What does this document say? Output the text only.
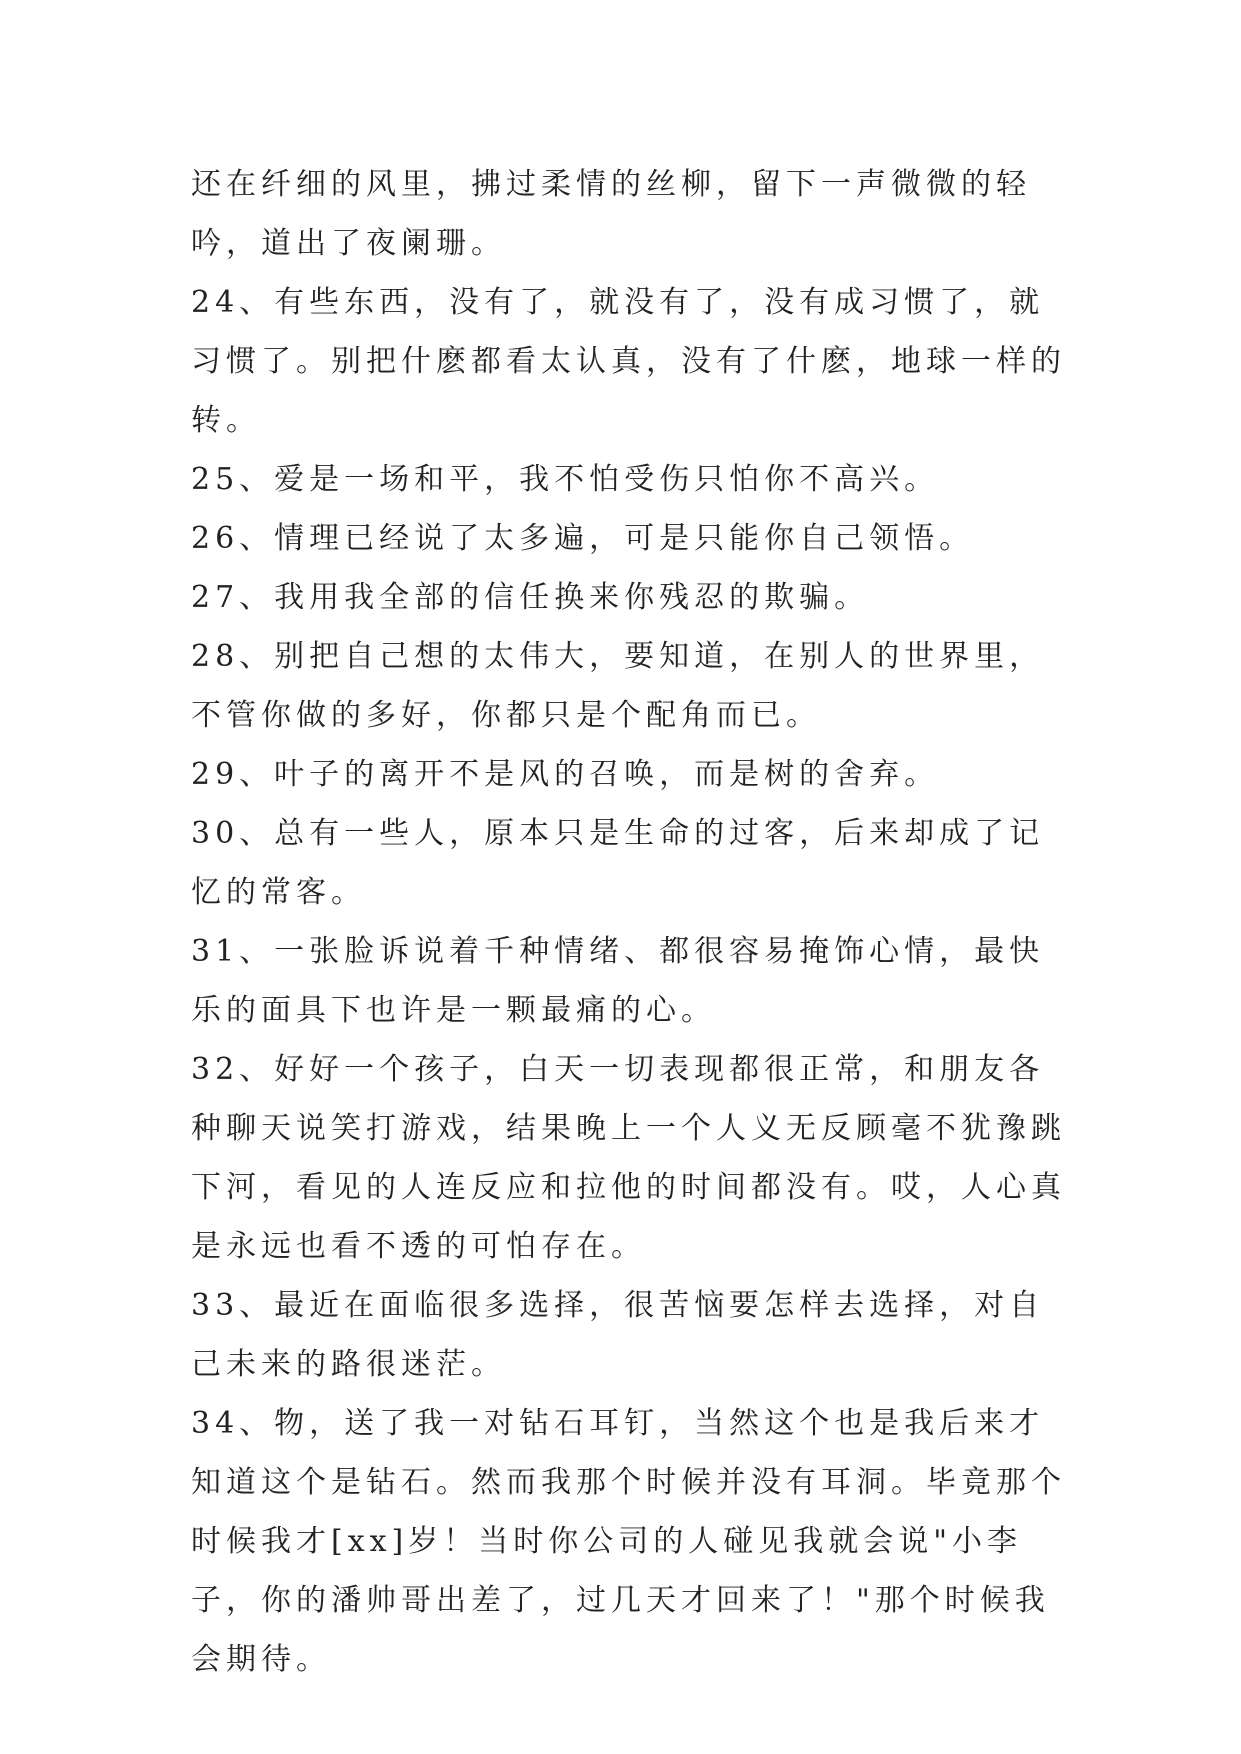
还在纤细的风里，拂过柔情的丝柳，留下一声微微的轻吟，道出了夜阑珊。

24、有些东西，没有了，就没有了，没有成习惯了，就习惯了。别把什麽都看太认真，没有了什麽，地球一样的转。

25、爱是一场和平，我不怕受伤只怕你不高兴。

26、情理已经说了太多遍，可是只能你自己领悟。

27、我用我全部的信任换来你残忍的欺骗。

28、别把自己想的太伟大，要知道，在别人的世界里，不管你做的多好，你都只是个配角而已。

29、叶子的离开不是风的召唤，而是树的舍弃。

30、总有一些人，原本只是生命的过客，后来却成了记忆的常客。

31、一张脸诉说着千种情绪、都很容易掩饰心情，最快乐的面具下也许是一颗最痛的心。

32、好好一个孩子，白天一切表现都很正常，和朋友各种聊天说笑打游戏，结果晚上一个人义无反顾毫不犹豫跳下河，看见的人连反应和拉他的时间都没有。哎，人心真是永远也看不透的可怕存在。

33、最近在面临很多选择，很苦恼要怎样去选择，对自己未来的路很迷茫。

34、物，送了我一对钻石耳钉，当然这个也是我后来才知道这个是钻石。然而我那个时候并没有耳洞。毕竟那个时候我才[xx]岁！当时你公司的人碰见我就会说"小李子，你的潘帅哥出差了，过几天才回来了！"那个时候我会期待。
